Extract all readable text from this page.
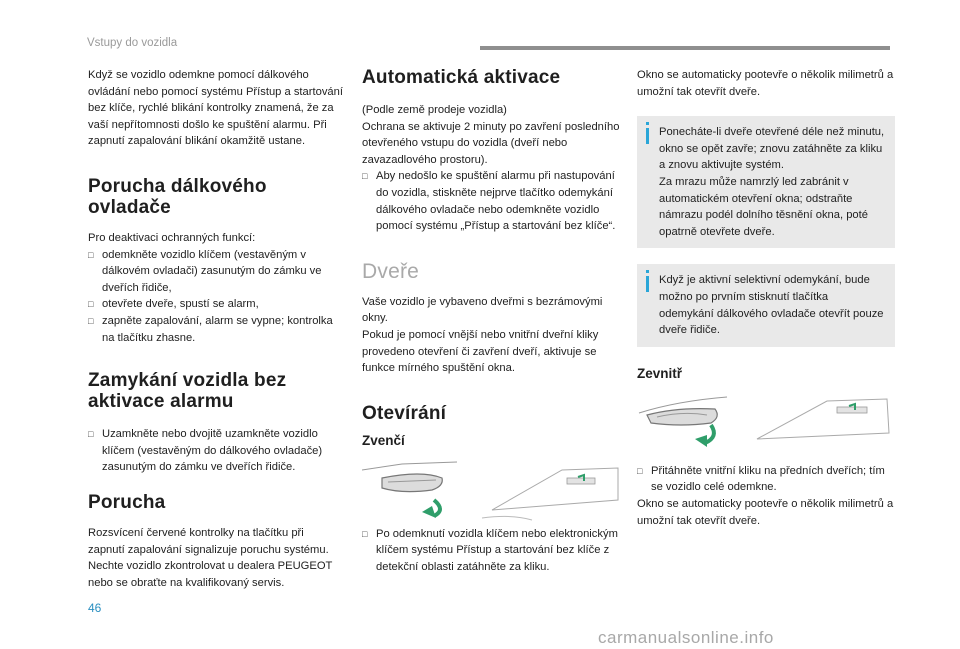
Vstupy do vozidla

Když se vozidlo odemkne pomocí dálkového ovládání nebo pomocí systému Přístup a startování bez klíče, rychlé blikání kontrolky znamená, že za vaší nepřítomnosti došlo ke spuštění alarmu. Při zapnutí zapalování blikání okamžitě ustane.

Porucha dálkového
ovladače

Pro deaktivaci ochranných funkcí:

□ odemkněte vozidlo klíčem (vestavěným v dálkovém ovladači) zasunutým do zámku ve dveřích řidiče,

□ otevřete dveře, spustí se alarm,

□ zapněte zapalování, alarm se vypne; kontrolka na tlačítku zhasne.

Zamykání vozidla bez
aktivace alarmu

□ Uzamkněte nebo dvojitě uzamkněte vozidlo klíčem (vestavěným do dálkového ovladače) zasunutým do zámku ve dveřích řidiče.

Porucha

Rozsvícení červené kontrolky na tlačítku při zapnutí zapalování signalizuje poruchu systému.

Nechte vozidlo zkontrolovat u dealera PEUGEOT nebo se obraťte na kvalifikovaný servis.

Automatická aktivace

(Podle země prodeje vozidla)

Ochrana se aktivuje 2 minuty po zavření posledního otevřeného vstupu do vozidla (dveří nebo zavazadlového prostoru).

□ Aby nedošlo ke spuštění alarmu při nastupování do vozidla, stiskněte nejprve tlačítko odemykání dálkového ovladače nebo odemkněte vozidlo pomocí systému „Přístup a startování bez klíče“.

Dveře

Vaše vozidlo je vybaveno dveřmi s bezrámovými okny.

Pokud je pomocí vnější nebo vnitřní dveřní kliky provedeno otevření či zavření dveří, aktivuje se funkce mírného spuštění okna.

Otevírání
Zvenčí

□ Po odemknutí vozidla klíčem nebo elektronickým klíčem systému Přístup a startování bez klíče z detekční oblasti zatáhněte za kliku.

Okno se automaticky pootevře o několik milimetrů a umožní tak otevřít dveře.

Ponecháte-li dveře otevřené déle než minutu, okno se opět zavře; znovu zatáhněte za kliku a znovu aktivujte systém.

Za mrazu může namrzlý led zabránit v automatickém otevření okna; odstraňte námrazu podél dolního těsnění okna, poté opatrně otevřete dveře.

Když je aktivní selektivní odemykání, bude možno po prvním stisknutí tlačítka odemykání dálkového ovladače otevřít pouze dveře řidiče.

Zevnitř

□ Přitáhněte vnitřní kliku na předních dveřích; tím se vozidlo celé odemkne.

Okno se automaticky pootevře o několik milimetrů a umožní tak otevřít dveře.

46
carmanualsonline.info
